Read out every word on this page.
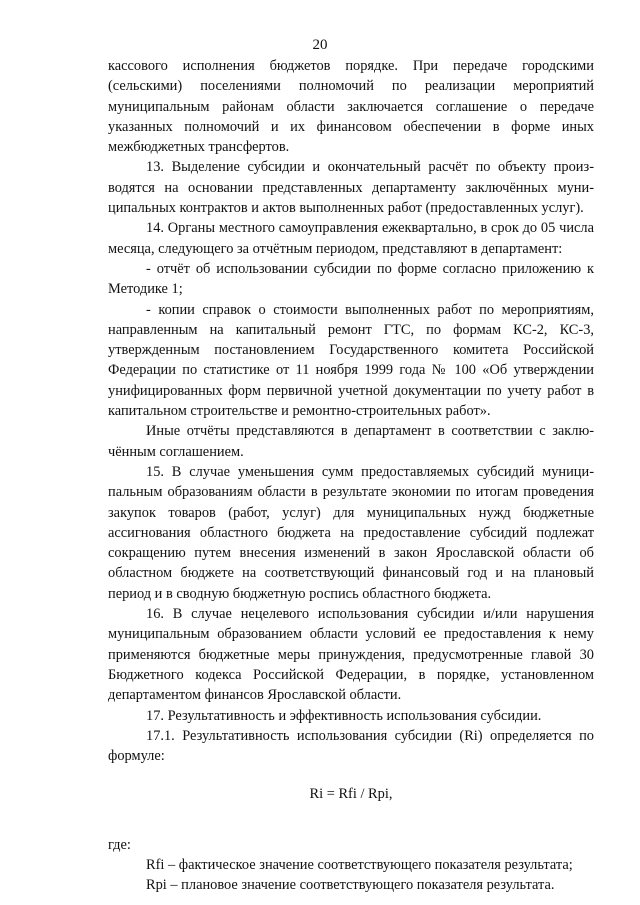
20

кассового исполнения бюджетов порядке. При передаче городскими (сельскими) поселениями полномочий по реализации мероприятий муниципальным районам области заключается соглашение о передаче указанных полномочий и их финансовом обеспечении в форме иных межбюджетных трансфертов.

13. Выделение субсидии и окончательный расчёт по объекту производятся на основании представленных департаменту заключённых муниципальных контрактов и актов выполненных работ (предоставленных услуг).

14. Органы местного самоуправления ежеквартально, в срок до 05 числа месяца, следующего за отчётным периодом, представляют в департамент:

- отчёт об использовании субсидии по форме согласно приложению к Методике 1;

- копии справок о стоимости выполненных работ по мероприятиям, направленным на капитальный ремонт ГТС, по формам КС-2, КС-3, утвержденным постановлением Государственного комитета Российской Федерации по статистике от 11 ноября 1999 года № 100 «Об утверждении унифицированных форм первичной учетной документации по учету работ в капитальном строительстве и ремонтно-строительных работ».

Иные отчёты представляются в департамент в соответствии с заключённым соглашением.

15. В случае уменьшения сумм предоставляемых субсидий муниципальным образованиям области в результате экономии по итогам проведения закупок товаров (работ, услуг) для муниципальных нужд бюджетные ассигнования областного бюджета на предоставление субсидий подлежат сокращению путем внесения изменений в закон Ярославской области об областном бюджете на соответствующий финансовый год и на плановый период и в сводную бюджетную роспись областного бюджета.

16. В случае нецелевого использования субсидии и/или нарушения муниципальным образованием области условий ее предоставления к нему применяются бюджетные меры принуждения, предусмотренные главой 30 Бюджетного кодекса Российской Федерации, в порядке, установленном департаментом финансов Ярославской области.

17. Результативность и эффективность использования субсидии.

17.1. Результативность использования субсидии (Ri) определяется по формуле:

Ri = Rfi / Rpi,

где:

Rfi – фактическое значение соответствующего показателя результата;

Rpi – плановое значение соответствующего показателя результата.
